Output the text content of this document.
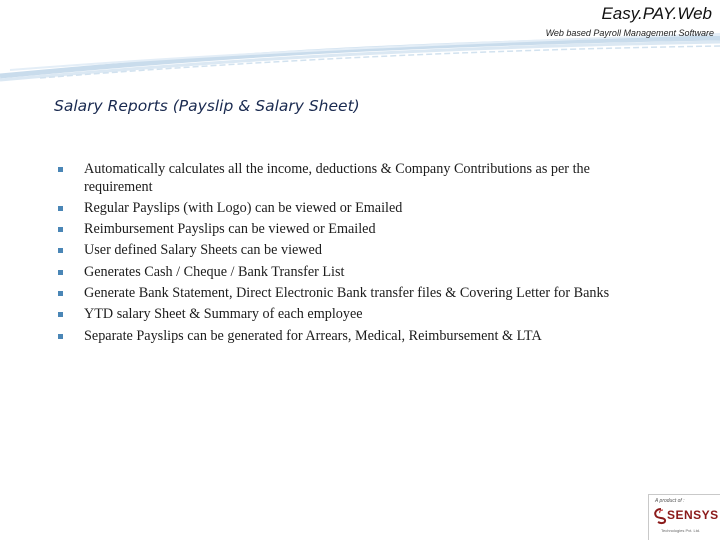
Easy.PAY.Web
Web based Payroll Management Software
Salary Reports (Payslip & Salary Sheet)
Automatically calculates all the income, deductions & Company Contributions as per the requirement
Regular Payslips (with Logo) can be viewed or Emailed
Reimbursement Payslips can be viewed or Emailed
User defined Salary Sheets can be viewed
Generates Cash / Cheque / Bank Transfer List
Generate Bank Statement, Direct Electronic Bank transfer files & Covering Letter for Banks
YTD salary Sheet & Summary of each employee
Separate Payslips can be generated for Arrears, Medical, Reimbursement & LTA
A product of :
SENSYS
Technologies Pvt. Ltd.
